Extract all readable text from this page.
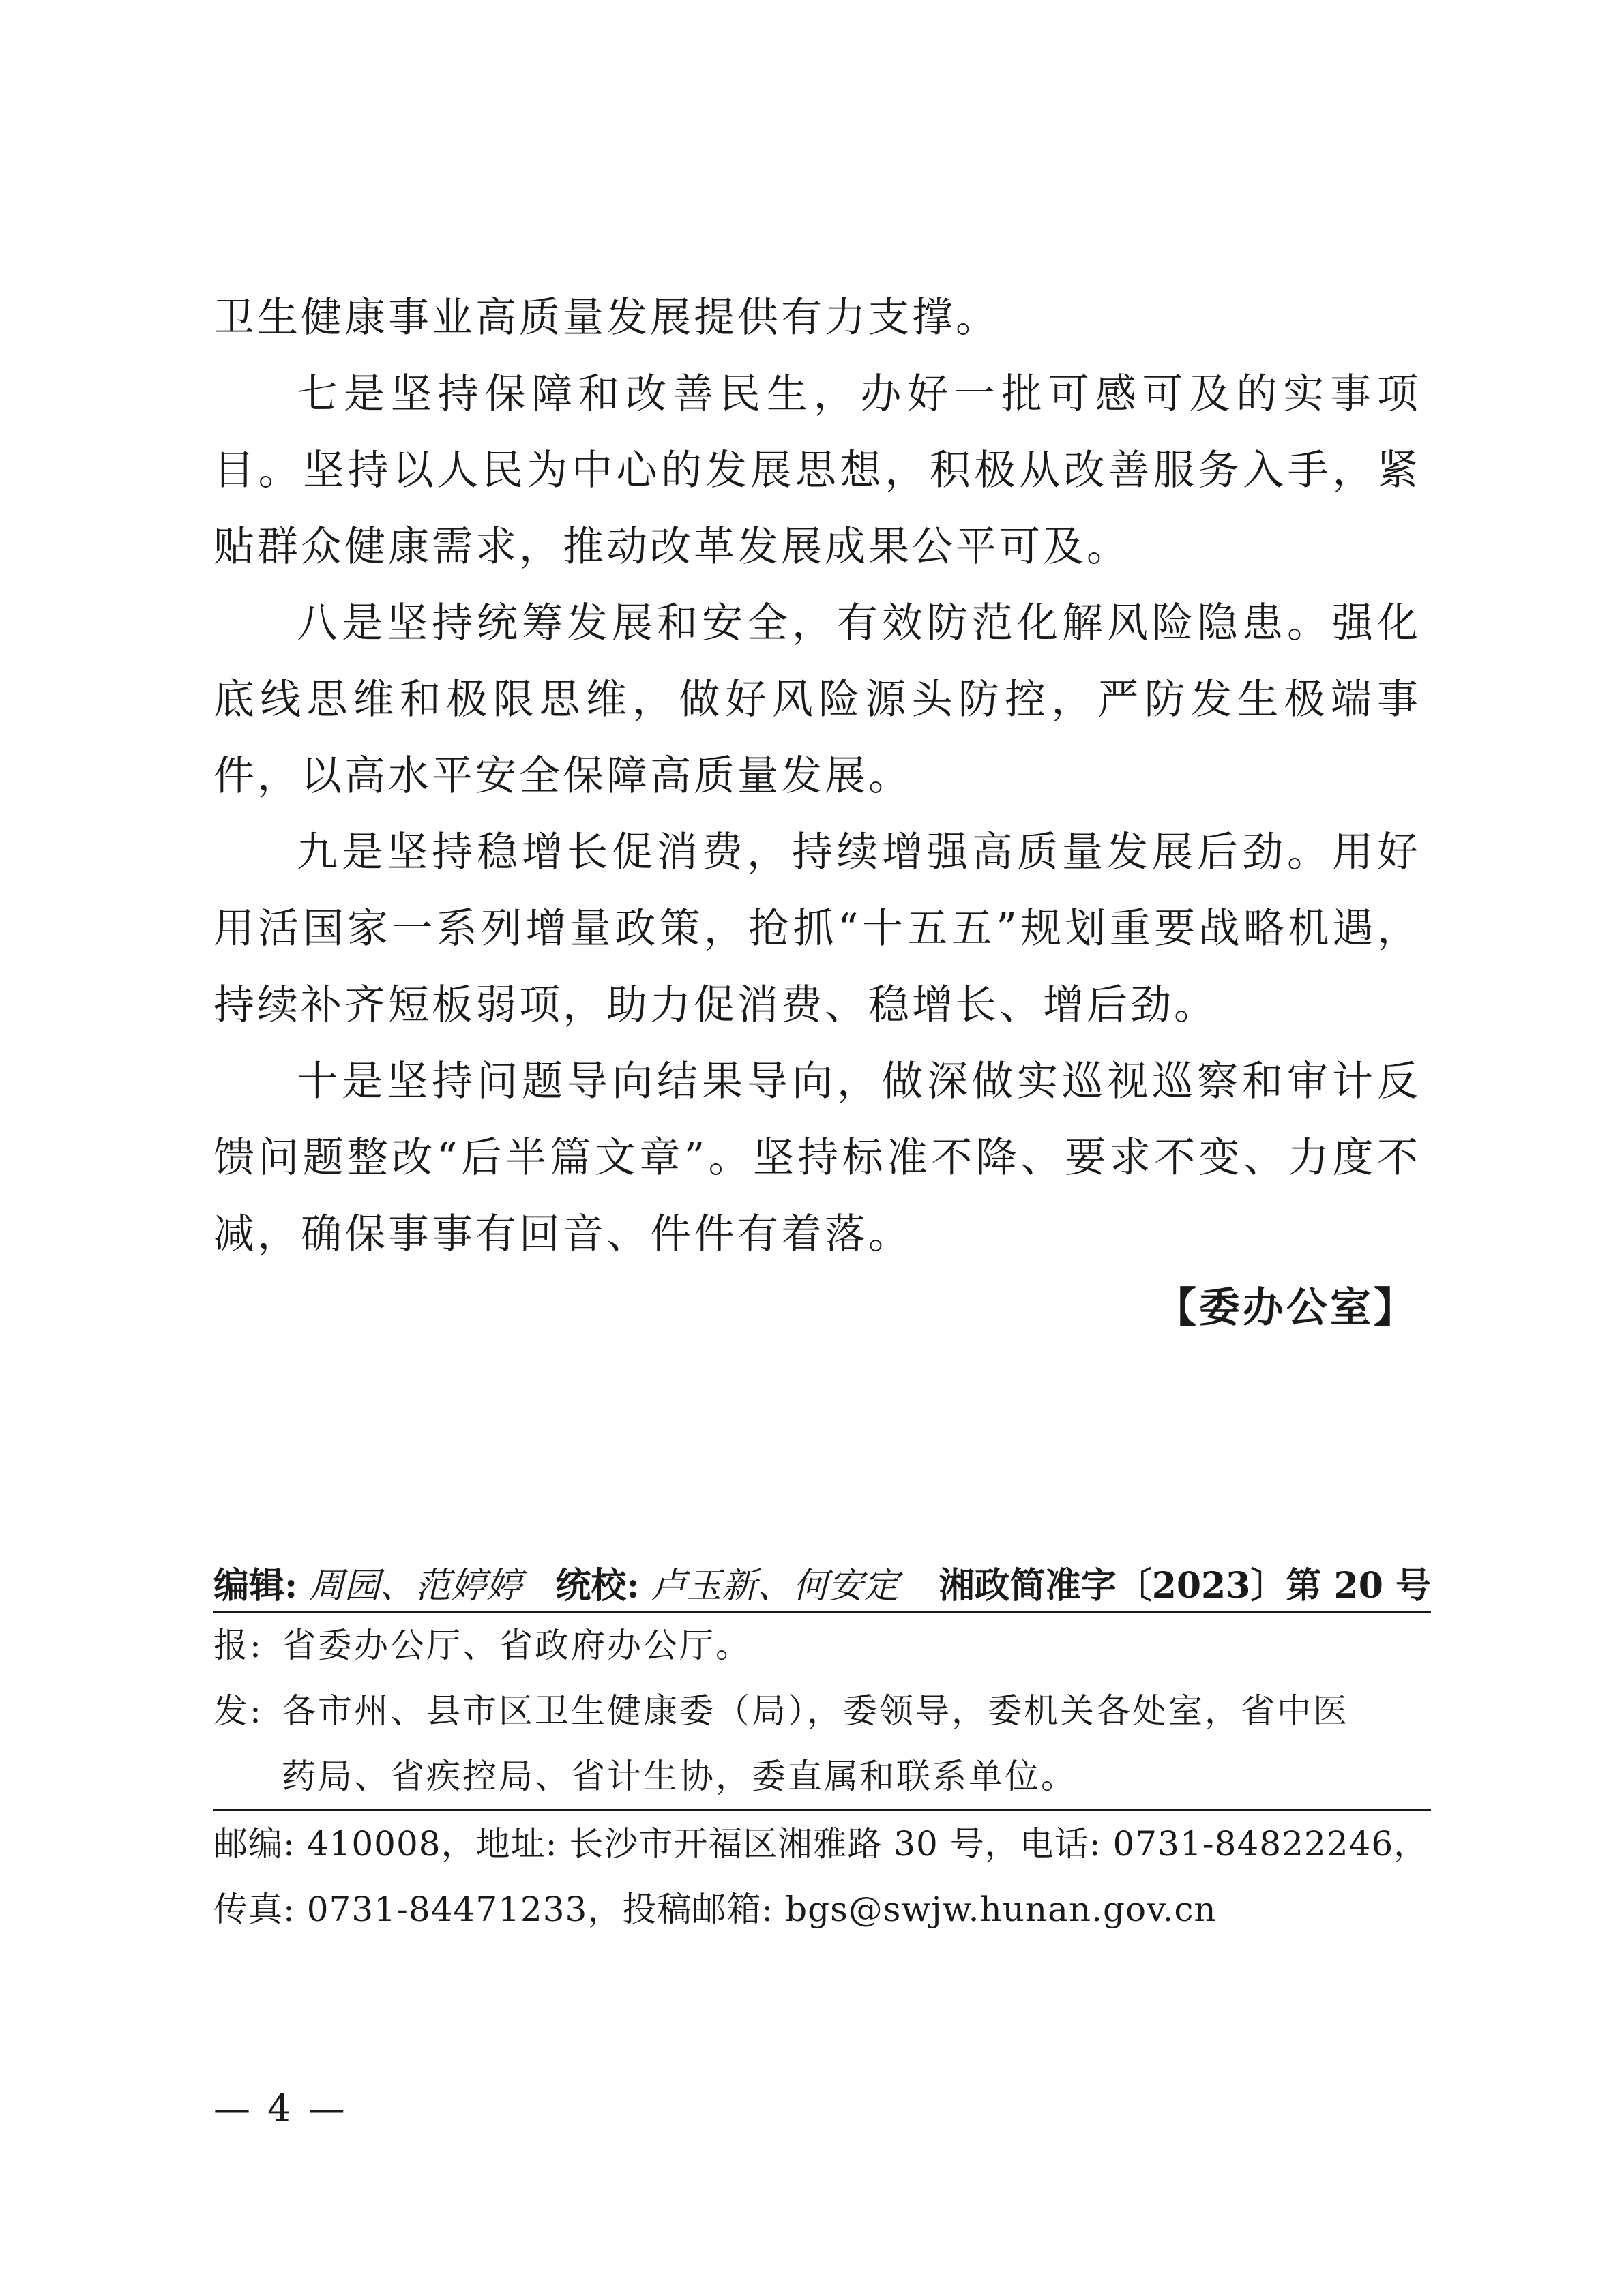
卫生健康事业高质量发展提供有力支撑。

七是坚持保障和改善民生，办好一批可感可及的实事项目。坚持以人民为中心的发展思想，积极从改善服务入手，紧贴群众健康需求，推动改革发展成果公平可及。

八是坚持统筹发展和安全，有效防范化解风险隐患。强化底线思维和极限思维，做好风险源头防控，严防发生极端事件，以高水平安全保障高质量发展。

九是坚持稳增长促消费，持续增强高质量发展后劲。用好用活国家一系列增量政策，抢抓“十五五”规划重要战略机遇，持续补齐短板弱项，助力促消费、稳增长、增后劲。

十是坚持问题导向结果导向，做深做实巡视巡察和审计反馈问题整改“后半篇文章”。坚持标准不降、要求不变、力度不减，确保事事有回音、件件有着落。

【委办公室】
编辑: 周园、范婷婷 统校: 卢玉新、何安定 湘政简准字〔2023〕第 20 号

报: 省委办公厅、省政府办公厅。

发: 各市州、县市区卫生健康委（局），委领导，委机关各处室，省中医

药局、省疾控局、省计生协，委直属和联系单位。

邮编: 410008，地址: 长沙市开福区湘雅路 30 号，电话: 0731-84822246，

传真: 0731-84471233，投稿邮箱: bgs@swjw.hunan.gov.cn

— 4 —
